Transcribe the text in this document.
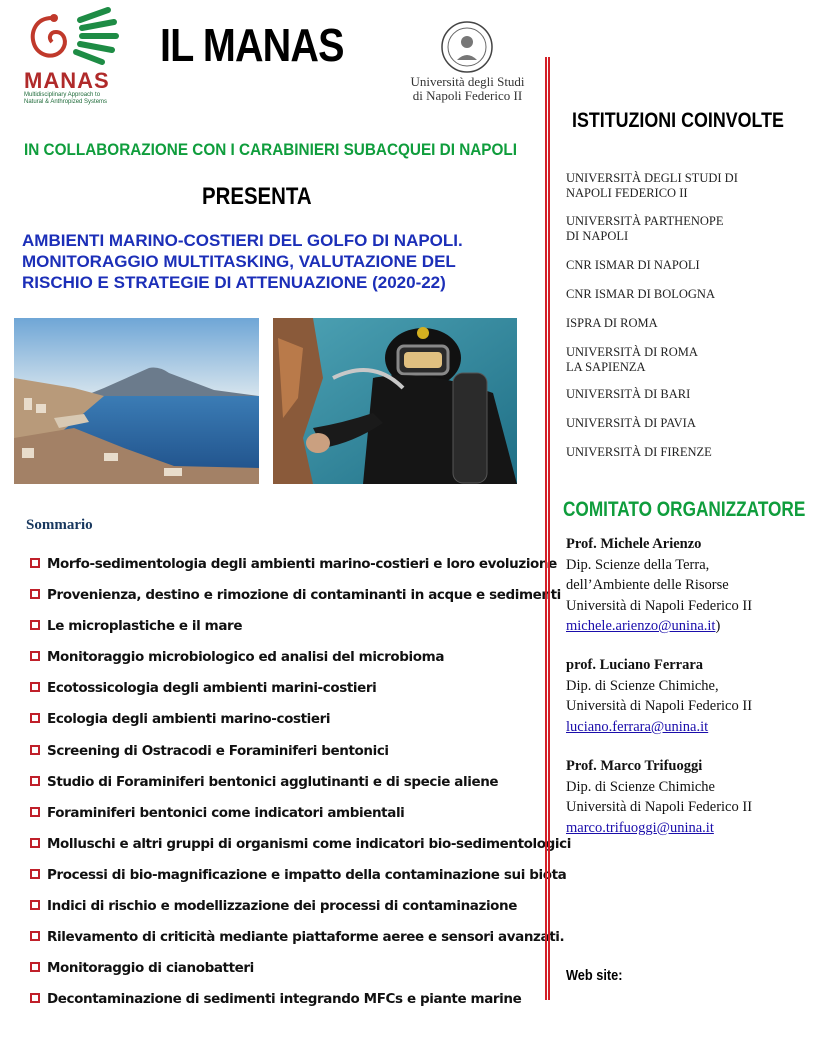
MANAS
Multidisciplinary Approach to
Natural & Anthropized Systems
IL MANAS
Università degli Studi
di Napoli Federico II
IN COLLABORAZIONE CON I CARABINIERI SUBACQUEI DI NAPOLI
PRESENTA
AMBIENTI MARINO-COSTIERI DEL GOLFO DI NAPOLI.
MONITORAGGIO MULTITASKING, VALUTAZIONE DEL
RISCHIO E STRATEGIE DI ATTENUAZIONE (2020-22)
Sommario
Morfo-sedimentologia degli ambienti marino-costieri e loro evoluzione
Provenienza, destino e rimozione di contaminanti in acque e sedimenti
Le microplastiche e il mare
Monitoraggio microbiologico ed analisi del microbioma
Ecotossicologia degli ambienti marini-costieri
Ecologia degli ambienti marino-costieri
Screening di Ostracodi e Foraminiferi bentonici
Studio di Foraminiferi bentonici agglutinanti e di specie aliene
Foraminiferi bentonici come indicatori ambientali
Molluschi e altri gruppi di organismi come indicatori bio-sedimentologici
Processi di bio-magnificazione e impatto della contaminazione sui biota
Indici di rischio e modellizzazione dei processi di contaminazione
Rilevamento di criticità mediante piattaforme aeree e sensori avanzati.
Monitoraggio di cianobatteri
Decontaminazione di sedimenti integrando MFCs e piante marine
ISTITUZIONI COINVOLTE
UNIVERSITÀ DEGLI STUDI DI
NAPOLI FEDERICO II
UNIVERSITÀ PARTHENOPE
DI NAPOLI
CNR ISMAR DI NAPOLI
CNR ISMAR DI BOLOGNA
ISPRA DI ROMA
UNIVERSITÀ DI ROMA
LA SAPIENZA
UNIVERSITÀ DI BARI
UNIVERSITÀ DI PAVIA
UNIVERSITÀ DI FIRENZE
COMITATO ORGANIZZATORE
Prof. Michele Arienzo
Dip. Scienze della Terra,
dell’Ambiente delle Risorse
Università di Napoli Federico II
michele.arienzo@unina.it)
prof. Luciano Ferrara
Dip. di Scienze Chimiche,
Università di Napoli Federico II
luciano.ferrara@unina.it
Prof. Marco Trifuoggi
Dip. di Scienze Chimiche
Università di Napoli Federico II
marco.trifuoggi@unina.it
Web site:
